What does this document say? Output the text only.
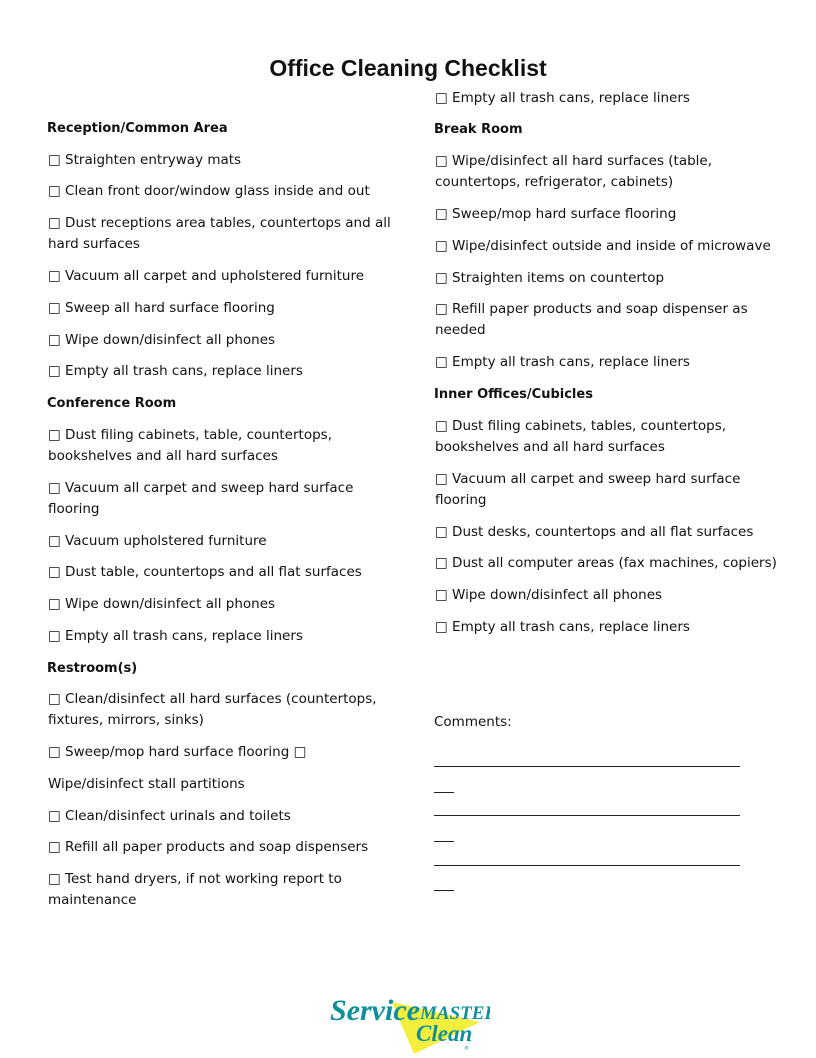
Office Cleaning Checklist
Reception/Common Area
□ Straighten entryway mats
□ Clean front door/window glass inside and out
□ Dust receptions area tables, countertops and all
hard surfaces
□ Vacuum all carpet and upholstered furniture
□ Sweep all hard surface flooring
□ Wipe down/disinfect all phones
□ Empty all trash cans, replace liners
Conference Room
□ Dust filing cabinets, table, countertops,
bookshelves and all hard surfaces
□ Vacuum all carpet and sweep hard surface
flooring
□ Vacuum upholstered furniture
□ Dust table, countertops and all flat surfaces
□ Wipe down/disinfect all phones
□ Empty all trash cans, replace liners
Restroom(s)
□ Clean/disinfect all hard surfaces (countertops,
fixtures, mirrors, sinks)
□ Sweep/mop hard surface flooring □
Wipe/disinfect stall partitions
□ Clean/disinfect urinals and toilets
□ Refill all paper products and soap dispensers
□ Test hand dryers, if not working report to
maintenance
□ Empty all trash cans, replace liners
Break Room
□ Wipe/disinfect all hard surfaces (table,
countertops, refrigerator, cabinets)
□ Sweep/mop hard surface flooring
□ Wipe/disinfect outside and inside of microwave
□ Straighten items on countertop
□ Refill paper products and soap dispenser as
needed
□ Empty all trash cans, replace liners
Inner Offices/Cubicles
□ Dust filing cabinets, tables, countertops,
bookshelves and all hard surfaces
□ Vacuum all carpet and sweep hard surface
flooring
□ Dust desks, countertops and all flat surfaces
□ Dust all computer areas (fax machines, copiers)
□ Wipe down/disinfect all phones
□ Empty all trash cans, replace liners
Comments:
ServiceMASTER
Clean
®
